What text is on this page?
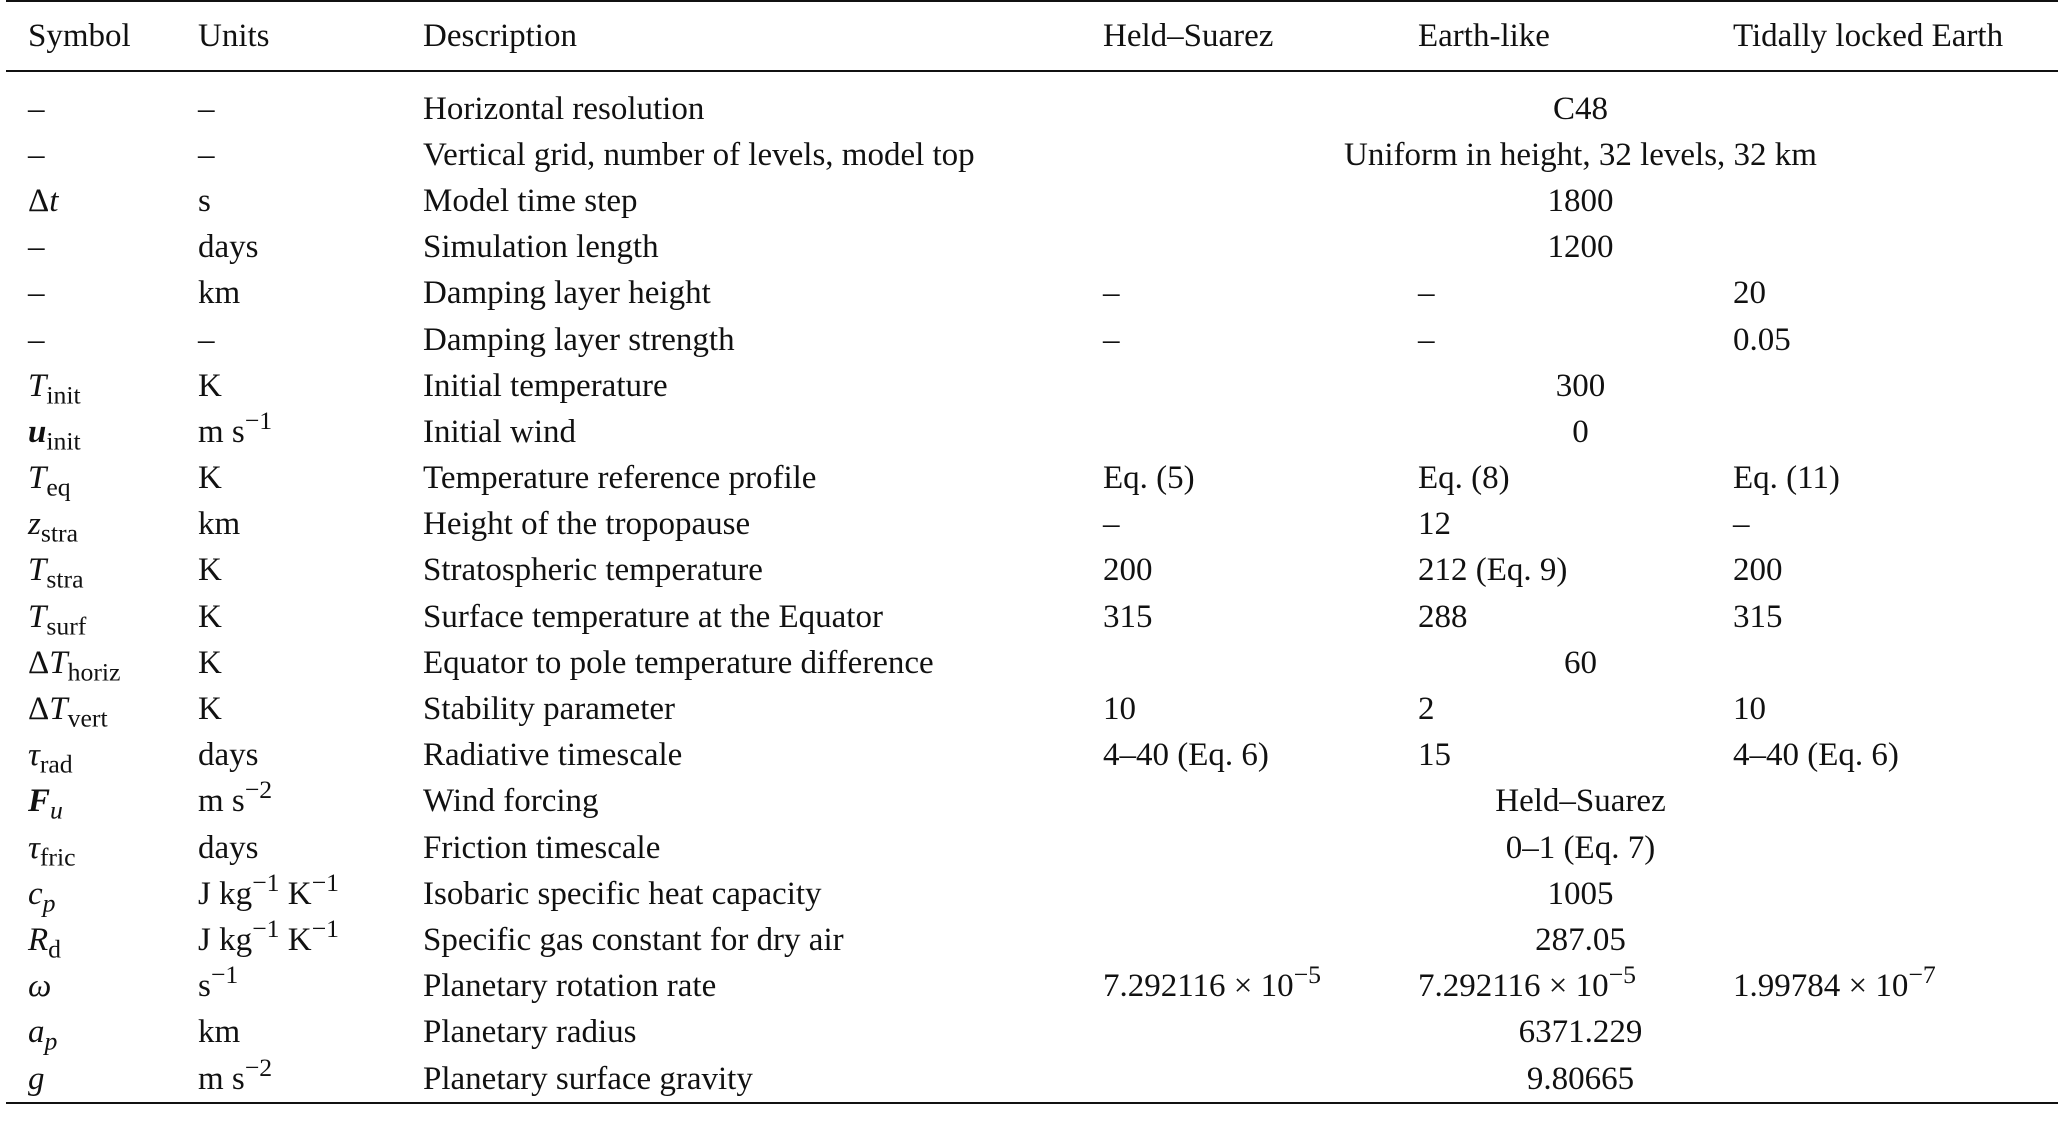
Symbol	Units	Description	Held–Suarez	Earth-like	Tidally locked Earth
–	–	Horizontal resolution	C48		
–	–	Vertical grid, number of levels, model top	Uniform in height, 32 levels, 32 km		
Δt	s	Model time step	1800		
–	days	Simulation length	1200		
–	km	Damping layer height	–	–	20
–	–	Damping layer strength	–	–	0.05
$T_{init}$	K	Initial temperature	300		
$u_{init}$	m $s^{-1}$	Initial wind	0		
$T_{eq}$	K	Temperature reference profile	Eq. (5)	Eq. (8)	Eq. (11)
$z_{stra}$	km	Height of the tropopause	–	12	–
$T_{stra}$	K	Stratospheric temperature	200	212 (Eq. 9)	200
$T_{surf}$	K	Surface temperature at the Equator	315	288	315
$\Delta T_{horiz}$	K	Equator to pole temperature difference	60		
$\Delta T_{vert}$	K	Stability parameter	10	2	10
$\tau_{rad}$	days	Radiative timescale	4–40 (Eq. 6)	15	4–40 (Eq. 6)
$F_u$	m $s^{-2}$	Wind forcing	Held–Suarez		
$\tau_{fric}$	days	Friction timescale	0–1 (Eq. 7)		
$c_p$	J $kg^{-1}$ $K^{-1}$	Isobaric specific heat capacity	1005		
$R_d$	J $kg^{-1}$ $K^{-1}$	Specific gas constant for dry air	287.05		
ω	$s^{-1}$	Planetary rotation rate	$7.292116 \times 10^{-5}$	$7.292116 \times 10^{-5}$	$1.99784 \times 10^{-7}$
$a_p$	km	Planetary radius	6371.229		
g	m $s^{-2}$	Planetary surface gravity	9.80665		
